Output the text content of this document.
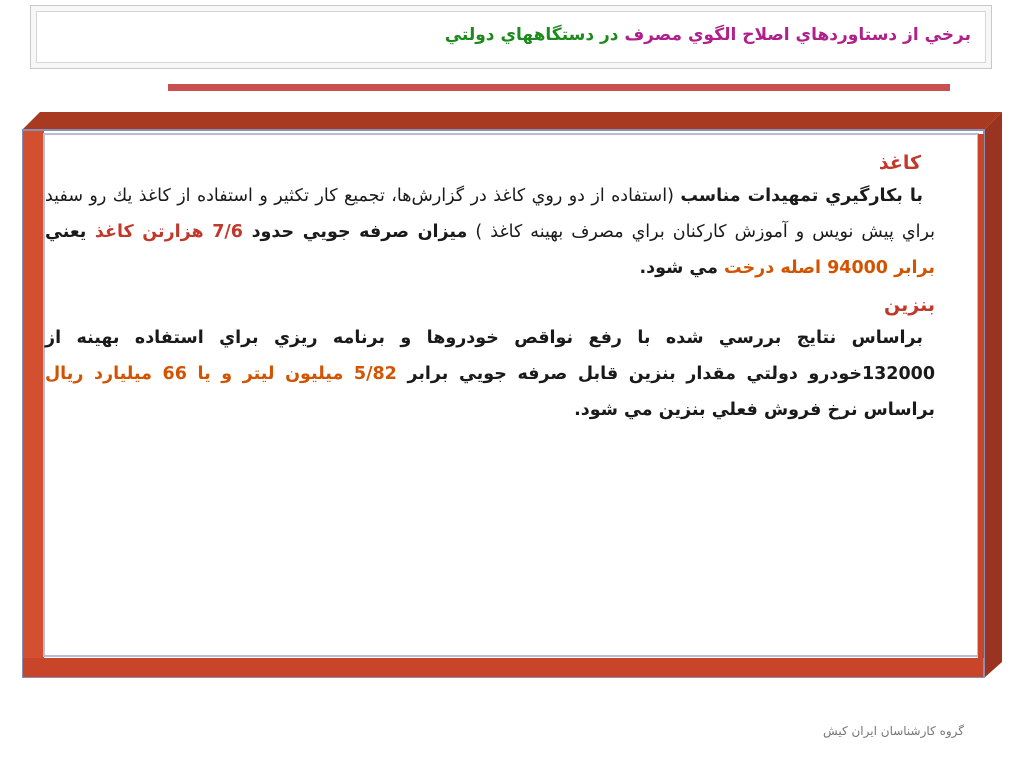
برخي از دستاوردهاي اصلاح الگوي مصرف در دستگاههاي دولتي
كاغذ
با بكارگيري تمهيدات مناسب (استفاده از دو روي كاغذ در گزارش‌ها، تجميع كار تكثير و استفاده از كاغذ يك رو سفيد براي پيش نويس و آموزش كاركنان براي مصرف بهينه كاغذ ) ميزان صرفه جويي حدود 7/6 هزارتن كاغذ يعني برابر 94000 اصله درخت مي شود.
بنزين
براساس نتايج بررسي شده با رفع نواقص خودروها و برنامه ريزي براي استفاده بهينه از 132000خودرو دولتي مقدار بنزين قابل صرفه جويي برابر 5/82 ميليون ليتر و يا 66 ميليارد ريال براساس نرخ فروش فعلي بنزين مي شود.
گروه كارشناسان ايران كيش
